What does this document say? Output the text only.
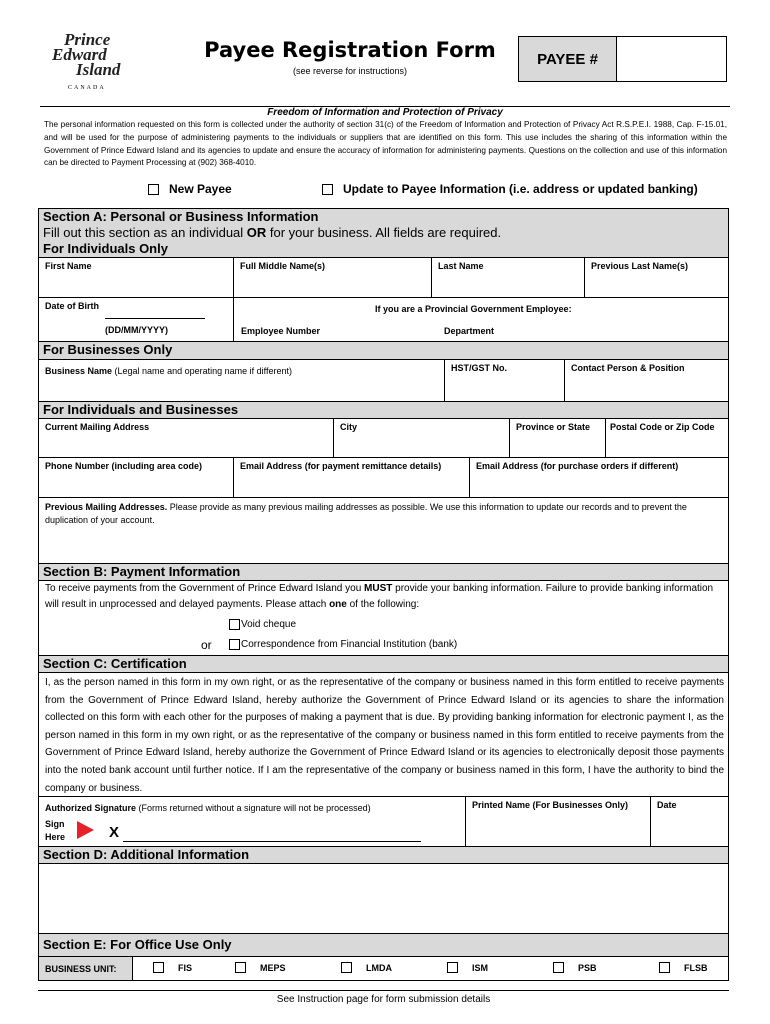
Prince
Edward
Island
CANADA
Payee Registration Form
(see reverse for instructions)
PAYEE #
Freedom of Information and Protection of Privacy
The personal information requested on this form is collected under the authority of section 31(c) of the Freedom of Information and Protection of Privacy Act R.S.P.E.I. 1988, Cap. F-15.01, and will be used for the purpose of administering payments to the individuals or suppliers that are identified on this form. This use includes the sharing of this information within the Government of Prince Edward Island and its agencies to update and ensure the accuracy of information for administering payments. Questions on the collection and use of this information can be directed to Payment Processing at (902) 368-4010.
New Payee	Update to Payee Information (i.e. address or updated banking)
Section A: Personal or Business Information
Fill out this section as an individual OR for your business. All fields are required.
For Individuals Only
First Name	Full Middle Name(s)	Last Name	Previous Last Name(s)
Date of Birth
(DD/MM/YYYY)
If you are a Provincial Government Employee:
Employee Number	Department
For Businesses Only
Business Name (Legal name and operating name if different)	HST/GST No.	Contact Person & Position
For Individuals and Businesses
Current Mailing Address	City	Province or State	Postal Code or Zip Code
Phone Number (including area code)	Email Address (for payment remittance details)	Email Address (for purchase orders if different)
Previous Mailing Addresses. Please provide as many previous mailing addresses as possible. We use this information to update our records and to prevent the duplication of your account.
Section B: Payment Information
To receive payments from the Government of Prince Edward Island you MUST provide your banking information. Failure to provide banking information will result in unprocessed and delayed payments. Please attach one of the following:
Void cheque
or	Correspondence from Financial Institution (bank)
Section C: Certification
I, as the person named in this form in my own right, or as the representative of the company or business named in this form entitled to receive payments from the Government of Prince Edward Island, hereby authorize the Government of Prince Edward Island or its agencies to share the information collected on this form with each other for the purposes of making a payment that is due. By providing banking information for electronic payment I, as the person named in this form in my own right, or as the representative of the company or business named in this form entitled to receive payments from the Government of Prince Edward Island, hereby authorize the Government of Prince Edward Island or its agencies to electronically deposit those payments into the noted bank account until further notice. If I am the representative of the company or business named in this form, I have the authority to bind the company or business.
Authorized Signature (Forms returned without a signature will not be processed)
Sign
Here	X
Printed Name (For Businesses Only)	Date
Section D: Additional Information
Section E: For Office Use Only
BUSINESS UNIT:	FIS	MEPS	LMDA	ISM	PSB	FLSB
See Instruction page for form submission details
